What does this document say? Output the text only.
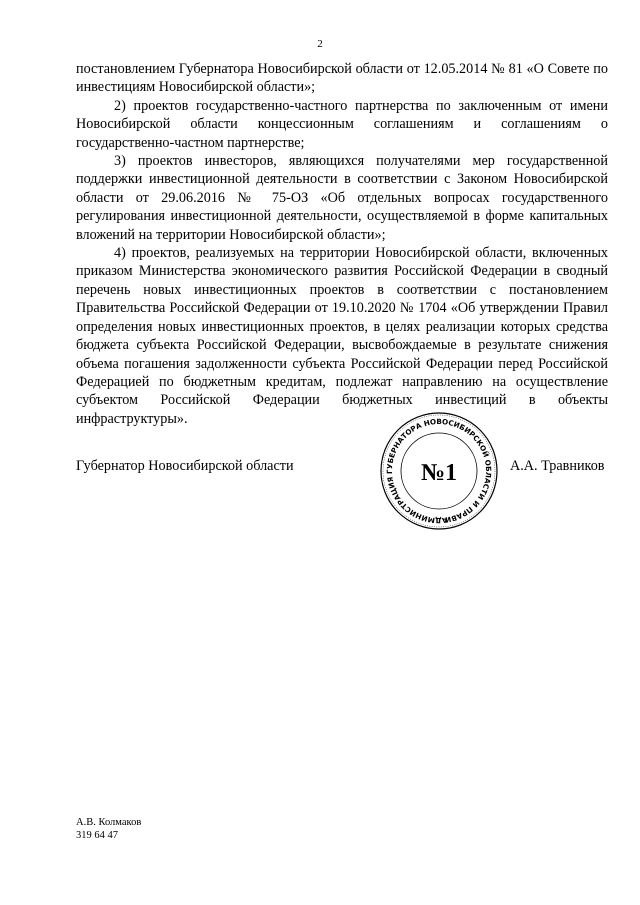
2

постановлением Губернатора Новосибирской области от 12.05.2014 № 81 «О Совете по инвестициям Новосибирской области»;

2) проектов государственно-частного партнерства по заключенным от имени Новосибирской области концессионным соглашениям и соглашениям о государственно-частном партнерстве;

3) проектов инвесторов, являющихся получателями мер государственной поддержки инвестиционной деятельности в соответствии с Законом Новосибирской области от 29.06.2016 № 75-ОЗ «Об отдельных вопросах государственного регулирования инвестиционной деятельности, осуществляемой в форме капитальных вложений на территории Новосибирской области»;

4) проектов, реализуемых на территории Новосибирской области, включенных приказом Министерства экономического развития Российской Федерации в сводный перечень новых инвестиционных проектов в соответствии с постановлением Правительства Российской Федерации от 19.10.2020 № 1704 «Об утверждении Правил определения новых инвестиционных проектов, в целях реализации которых средства бюджета субъекта Российской Федерации, высвобождаемые в результате снижения объема погашения задолженности субъекта Российской Федерации перед Российской Федерацией по бюджетным кредитам, подлежат направлению на осуществление субъектом Российской Федерации бюджетных инвестиций в объекты инфраструктуры».

Губернатор Новосибирской области
АДМИНИСТРАЦИЯ ГУБЕРНАТОРА НОВОСИБИРСКОЙ ОБЛАСТИ И ПРАВИТЕЛЬСТВА
№1	А.А. Травников
А.В. Колмаков
319 64 47
